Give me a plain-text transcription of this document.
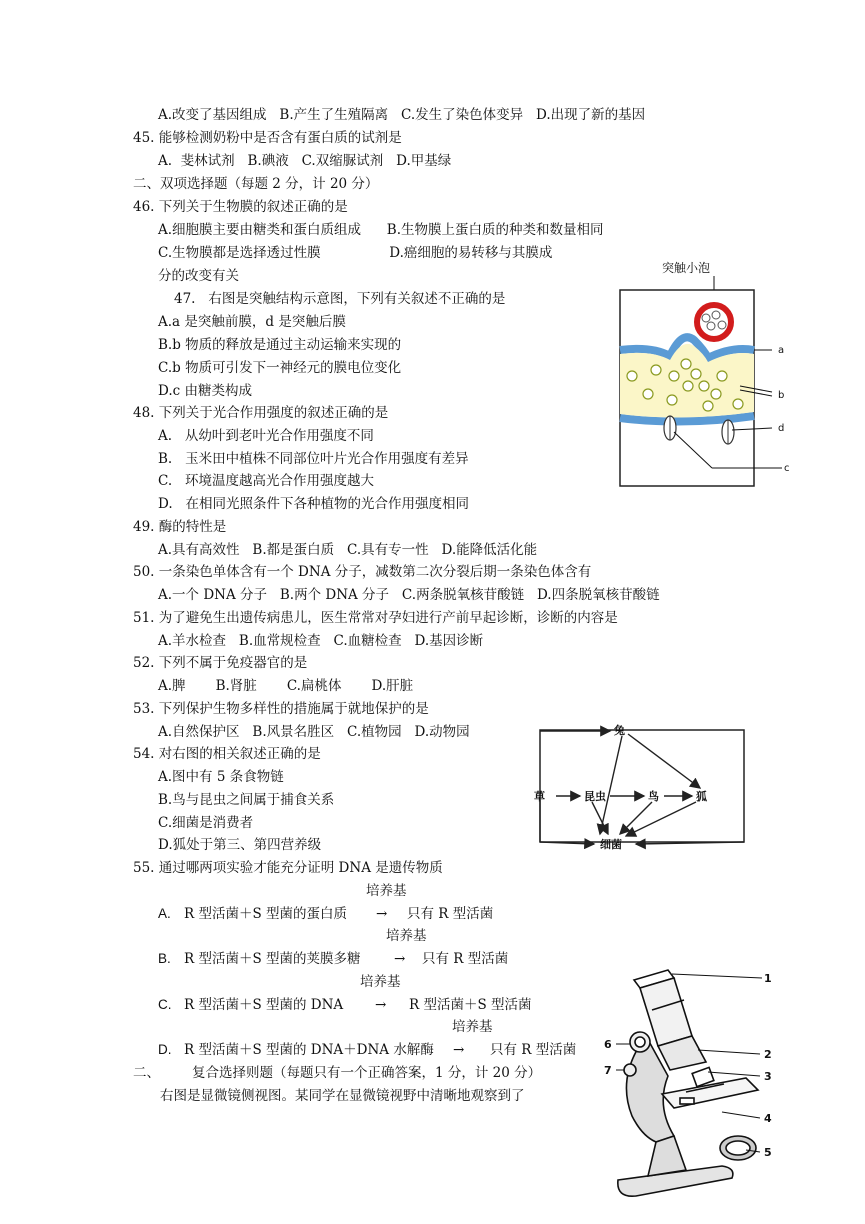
A.改变了基因组成   B.产生了生殖隔离   C.发生了染色体变异   D.出现了新的基因
45. 能够检测奶粉中是否含有蛋白质的试剂是
A.  斐林试剂   B.碘液   C.双缩脲试剂   D.甲基绿
二、双项选择题（每题 2 分，计 20 分）
46. 下列关于生物膜的叙述正确的是
A.细胞膜主要由糖类和蛋白质组成      B.生物膜上蛋白质的种类和数量相同
C.生物膜都是选择透过性膜                D.癌细胞的易转移与其膜成
分的改变有关
47.   右图是突触结构示意图，下列有关叙述不正确的是
A.a 是突触前膜，d 是突触后膜
B.b 物质的释放是通过主动运输来实现的
C.b 物质可引发下一神经元的膜电位变化
D.c 由糖类构成
48. 下列关于光合作用强度的叙述正确的是
A.   从幼叶到老叶光合作用强度不同
B.   玉米田中植株不同部位叶片光合作用强度有差异
C.   环境温度越高光合作用强度越大
D.   在相同光照条件下各种植物的光合作用强度相同
49. 酶的特性是
A.具有高效性   B.都是蛋白质   C.具有专一性   D.能降低活化能
50. 一条染色单体含有一个 DNA 分子，减数第二次分裂后期一条染色体含有
A.一个 DNA 分子   B.两个 DNA 分子   C.两条脱氧核苷酸链   D.四条脱氧核苷酸链
51. 为了避免生出遗传病患儿，医生常常对孕妇进行产前早起诊断，诊断的内容是
A.羊水检查   B.血常规检查   C.血糖检查   D.基因诊断
52. 下列不属于免疫器官的是
A.脾       B.肾脏       C.扁桃体       D.肝脏
53. 下列保护生物多样性的措施属于就地保护的是
A.自然保护区   B.风景名胜区   C.植物园   D.动物园
54. 对右图的相关叙述正确的是
A.图中有 5 条食物链
B.鸟与昆虫之间属于捕食关系
C.细菌是消费者
D.狐处于第三、第四营养级
55. 通过哪两项实验才能充分证明 DNA 是遗传物质
培养基
A. R 型活菌＋S 型菌的蛋白质 → 只有 R 型活菌
培养基
B. R 型活菌＋S 型菌的荚膜多糖 → 只有 R 型活菌
培养基
C. R 型活菌＋S 型菌的 DNA → R 型活菌＋S 型活菌
培养基
D. R 型活菌＋S 型菌的 DNA＋DNA 水解酶 → 只有 R 型活菌
二、 复合选择则题（每题只有一个正确答案，1 分，计 20 分）
右图是显微镜侧视图。某同学在显微镜视野中清晰地观察到了
突触小泡
a
b
d
c
兔
草	昆虫	鸟	狐
细菌
1
2
3
4
5
6
7
